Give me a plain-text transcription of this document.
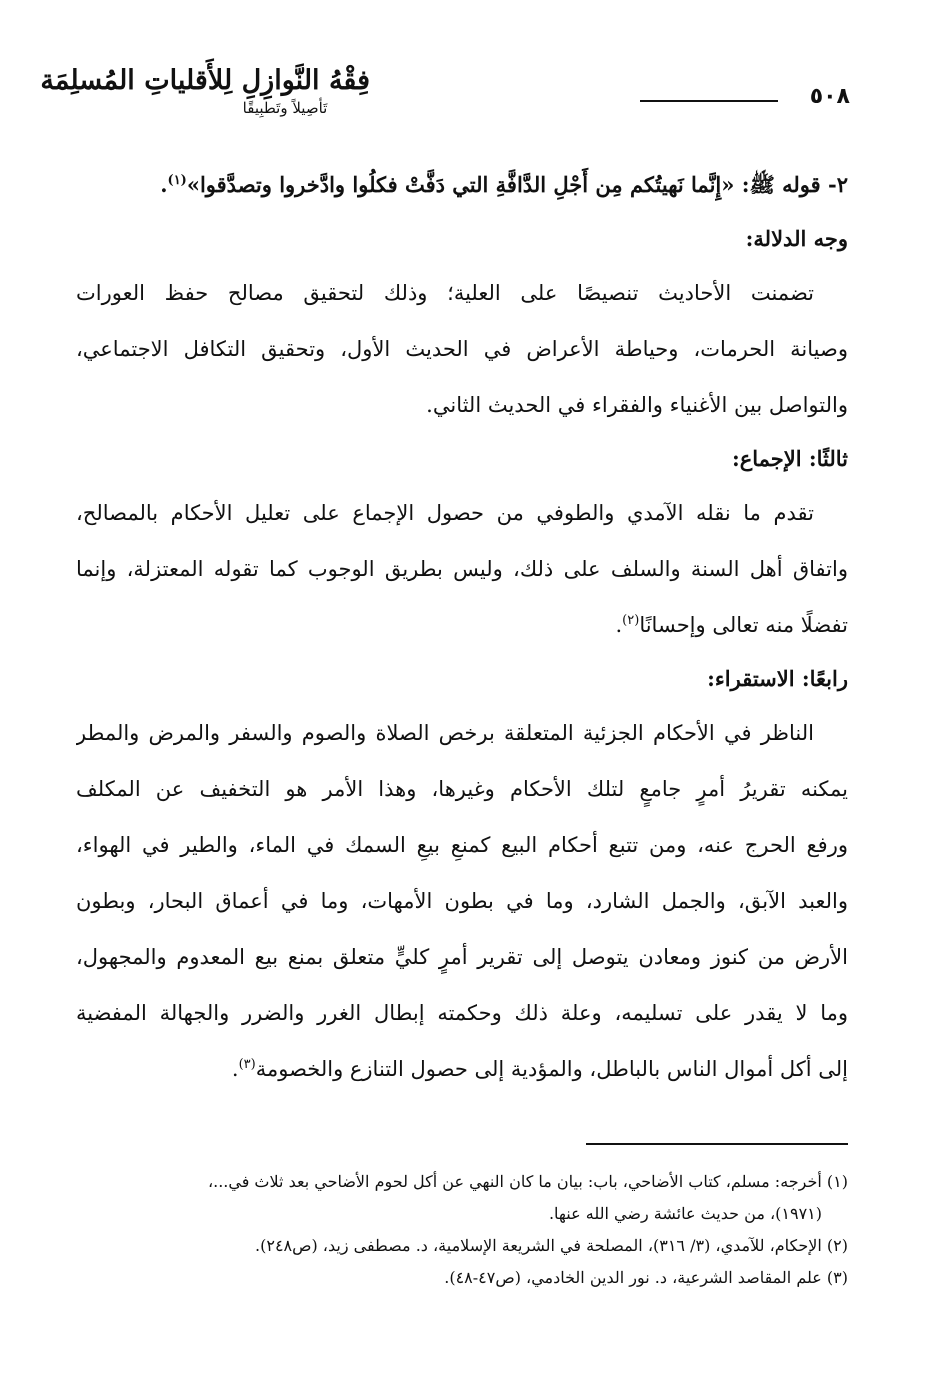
٥٠٨
فِقْهُ النَّوازِلِ لِلأَقلياتِ المُسلِمَة
تَأصِيلاً وتَطبِيقًا
٢- قوله ﷺ: «إِنَّما نَهيتُكم مِن أَجْلِ الدَّافَّةِ التي دَفَّتْ فكلُوا وادَّخروا وتصدَّقوا»$^{(١)}$.
وجه الدلالة:
تضمنت الأحاديث تنصيصًا على العلية؛ وذلك لتحقيق مصالح حفظ العورات
وصيانة الحرمات، وحياطة الأعراض في الحديث الأول، وتحقيق التكافل الاجتماعي،
والتواصل بين الأغنياء والفقراء في الحديث الثاني.
ثالثًا: الإجماع:
تقدم ما نقله الآمدي والطوفي من حصول الإجماع على تعليل الأحكام بالمصالح،
واتفاق أهل السنة والسلف على ذلك، وليس بطريق الوجوب كما تقوله المعتزلة، وإنما
تفضلًا منه تعالى وإحسانًا$^{(٢)}$.
رابعًا: الاستقراء:
الناظر في الأحكام الجزئية المتعلقة برخص الصلاة والصوم والسفر والمرض والمطر
يمكنه تقريرُ أمرٍ جامعٍ لتلك الأحكام وغيرها، وهذا الأمر هو التخفيف عن المكلف
ورفع الحرج عنه، ومن تتبع أحكام البيع كمنعِ بيعِ السمك في الماء، والطير في الهواء،
والعبد الآبق، والجمل الشارد، وما في بطون الأمهات، وما في أعماق البحار، وبطون
الأرض من كنوز ومعادن يتوصل إلى تقرير أمرٍ كليٍّ متعلق بمنع بيع المعدوم والمجهول،
وما لا يقدر على تسليمه، وعلة ذلك وحكمته إبطال الغرر والضرر والجهالة المفضية
إلى أكل أموال الناس بالباطل، والمؤدية إلى حصول التنازع والخصومة$^{(٣)}$.
(١) أخرجه: مسلم، كتاب الأضاحي، باب: بيان ما كان النهي عن أكل لحوم الأضاحي بعد ثلاث في...،
(١٩٧١)، من حديث عائشة رضي الله عنها.
(٢) الإحكام، للآمدي، (٣/ ٣١٦)، المصلحة في الشريعة الإسلامية، د. مصطفى زيد، (ص٢٤٨).
(٣) علم المقاصد الشرعية، د. نور الدين الخادمي، (ص٤٧-٤٨).
